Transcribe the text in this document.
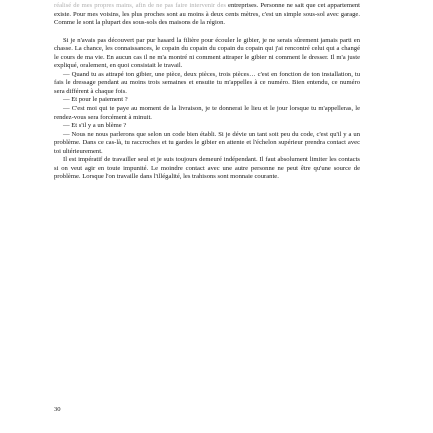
réalisé de mes propres mains, afin de ne pas faire intervenir des entreprises. Personne ne sait que cet appartement existe. Pour mes voisins, les plus proches sont au moins à deux cents mètres, c'est un simple sous-sol avec garage. Comme le sont la plupart des sous-sols des maisons de la région.

Si je n'avais pas découvert par pur hasard la filière pour écouler le gibier, je ne serais sûrement jamais parti en chasse. La chance, les connaissances, le copain du copain du copain du copain qui j'ai rencontré celui qui a changé le cours de ma vie. En aucun cas il ne m'a montré ni comment attraper le gibier ni comment le dresser. Il m'a juste expliqué, oralement, en quoi consistait le travail.

— Quand tu as attrapé ton gibier, une pièce, deux pièces, trois pièces… c'est en fonction de ton installation, tu fais le dressage pendant au moins trois semaines et ensuite tu m'appelles à ce numéro. Bien entendu, ce numéro sera différent à chaque fois.

— Et pour le paiement ?

— C'est moi qui te paye au moment de la livraison, je te donnerai le lieu et le jour lorsque tu m'appelleras, le rendez-vous sera forcément à minuit.

— Et s'il y a un blème ?

— Nous ne nous parlerons que selon un code bien établi. Si je dévie un tant soit peu du code, c'est qu'il y a un problème. Dans ce cas-là, tu raccroches et tu gardes le gibier en attente et l'échelon supérieur prendra contact avec toi ultérieurement.

Il est impératif de travailler seul et je suis toujours demeuré indépendant. Il faut absolument limiter les contacts si on veut agir en toute impunité. Le moindre contact avec une autre personne ne peut être qu'une source de problème. Lorsque l'on travaille dans l'illégalité, les trahisons sont monnaie courante.

30
